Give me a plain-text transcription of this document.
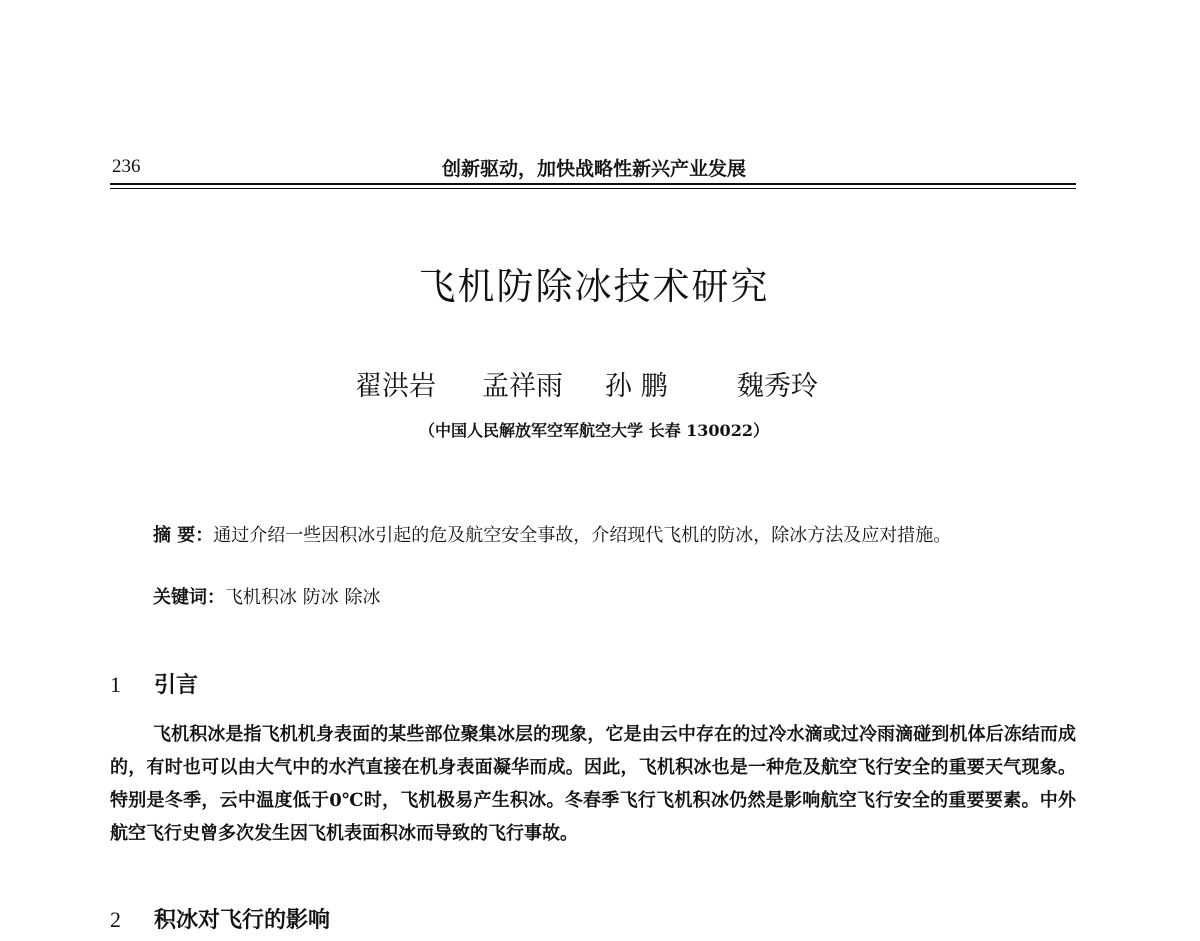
236	创新驱动，加快战略性新兴产业发展
飞机防除冰技术研究
翟洪岩 孟祥雨 孙 鹏	魏秀玲
（中国人民解放军空军航空大学 长春 130022）
摘 要：通过介绍一些因积冰引起的危及航空安全事故，介绍现代飞机的防冰，除冰方法及应对措施。
关键词：飞机积冰 防冰 除冰
1 引言
飞机积冰是指飞机机身表面的某些部位聚集冰层的现象，它是由云中存在的过冷水滴或过冷雨滴碰到机体后冻结而成的，有时也可以由大气中的水汽直接在机身表面凝华而成。因此，飞机积冰也是一种危及航空飞行安全的重要天气现象。特别是冬季，云中温度低于0℃时，飞机极易产生积冰。冬春季飞行飞机积冰仍然是影响航空飞行安全的重要要素。中外航空飞行史曾多次发生因飞机表面积冰而导致的飞行事故。
2 积冰对飞行的影响
